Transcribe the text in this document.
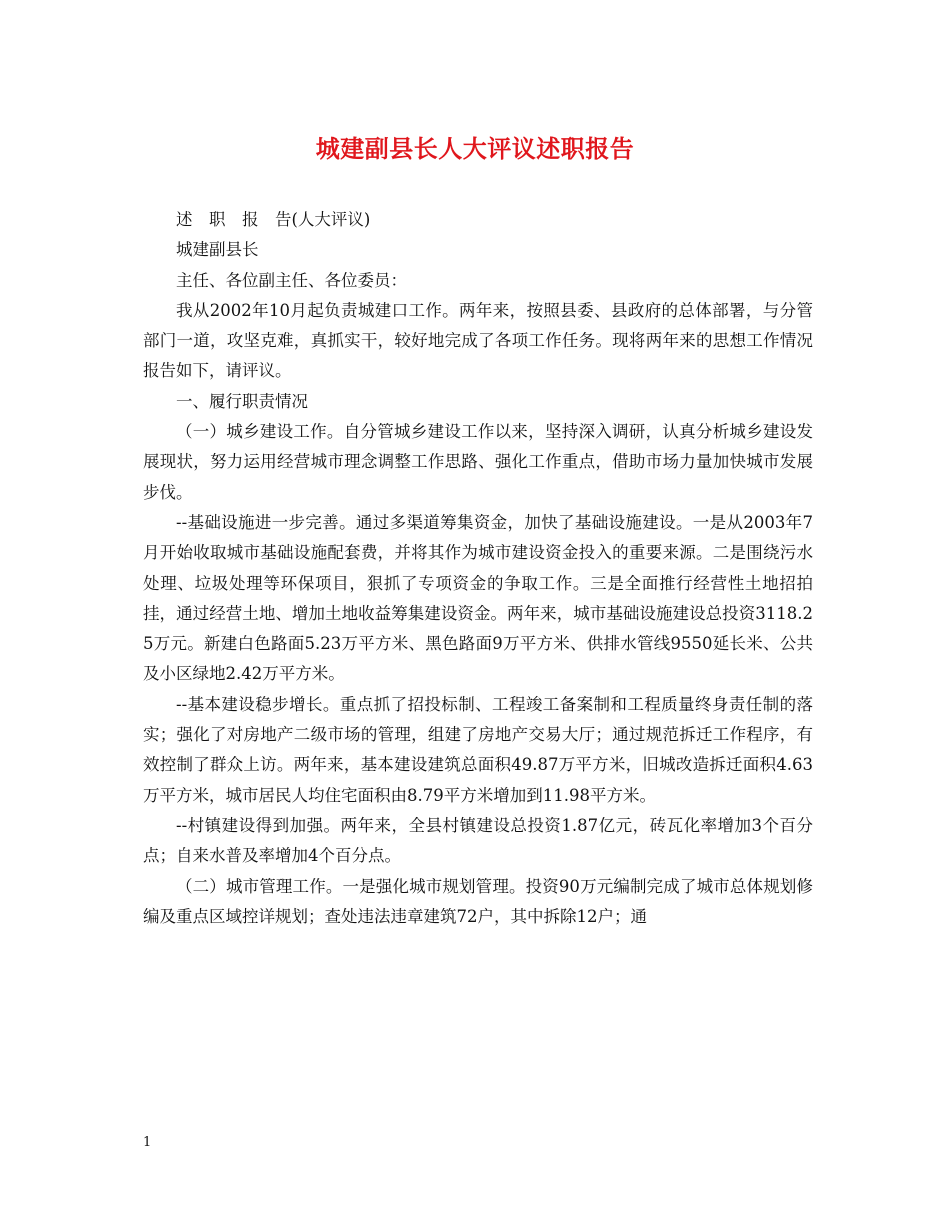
城建副县长人大评议述职报告

述　职　报　告(人大评议)

城建副县长

主任、各位副主任、各位委员：

我从2002年10月起负责城建口工作。两年来，按照县委、县政府的总体部署，与分管部门一道，攻坚克难，真抓实干，较好地完成了各项工作任务。现将两年来的思想工作情况报告如下，请评议。

一、履行职责情况

（一）城乡建设工作。自分管城乡建设工作以来，坚持深入调研，认真分析城乡建设发展现状，努力运用经营城市理念调整工作思路、强化工作重点，借助市场力量加快城市发展步伐。

--基础设施进一步完善。通过多渠道筹集资金，加快了基础设施建设。一是从2003年7月开始收取城市基础设施配套费，并将其作为城市建设资金投入的重要来源。二是围绕污水处理、垃圾处理等环保项目，狠抓了专项资金的争取工作。三是全面推行经营性土地招拍挂，通过经营土地、增加土地收益筹集建设资金。两年来，城市基础设施建设总投资3118.25万元。新建白色路面5.23万平方米、黑色路面9万平方米、供排水管线9550延长米、公共及小区绿地2.42万平方米。

--基本建设稳步增长。重点抓了招投标制、工程竣工备案制和工程质量终身责任制的落实；强化了对房地产二级市场的管理，组建了房地产交易大厅；通过规范拆迁工作程序，有效控制了群众上访。两年来，基本建设建筑总面积49.87万平方米，旧城改造拆迁面积4.63万平方米，城市居民人均住宅面积由8.79平方米增加到11.98平方米。

--村镇建设得到加强。两年来，全县村镇建设总投资1.87亿元，砖瓦化率增加3个百分点；自来水普及率增加4个百分点。

（二）城市管理工作。一是强化城市规划管理。投资90万元编制完成了城市总体规划修编及重点区域控详规划；查处违法违章建筑72户，其中拆除12户；通

1
